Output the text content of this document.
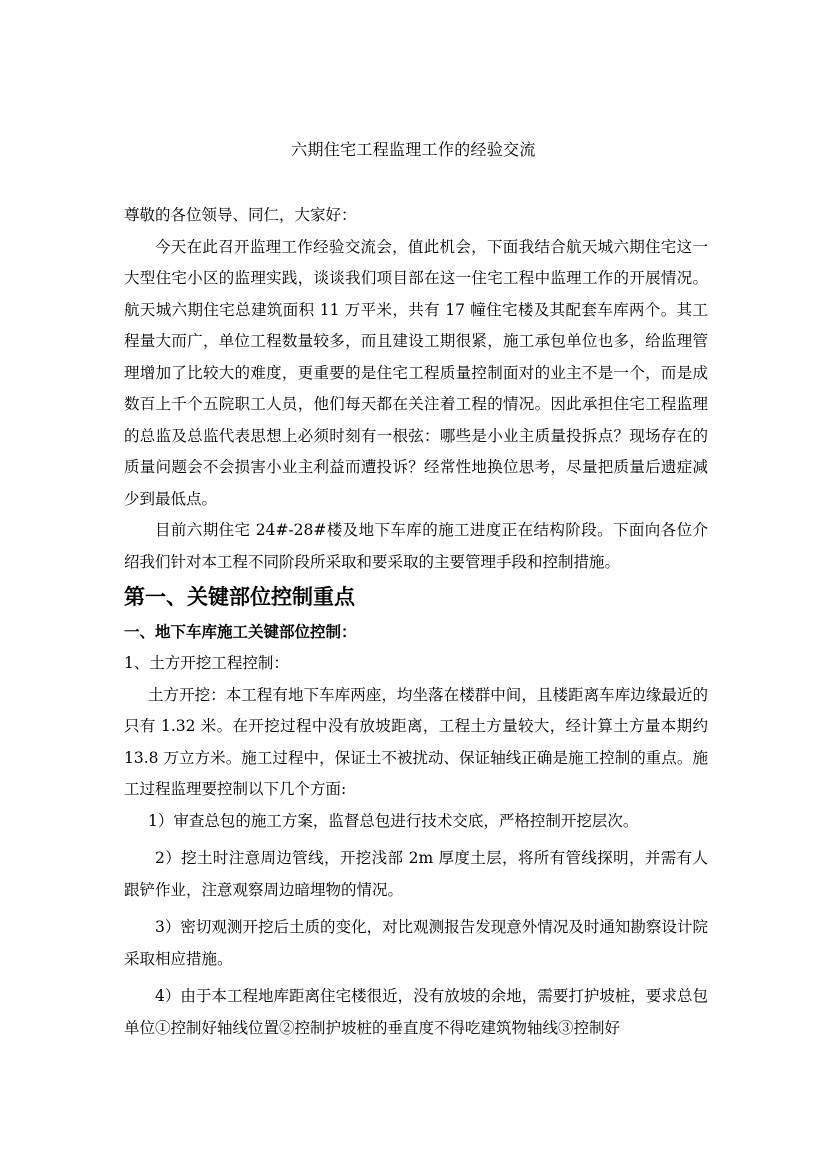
六期住宅工程监理工作的经验交流

尊敬的各位领导、同仁，大家好：

今天在此召开监理工作经验交流会，值此机会，下面我结合航天城六期住宅这一大型住宅小区的监理实践，谈谈我们项目部在这一住宅工程中监理工作的开展情况。航天城六期住宅总建筑面积 11 万平米，共有 17 幢住宅楼及其配套车库两个。其工程量大而广，单位工程数量较多，而且建设工期很紧，施工承包单位也多，给监理管理增加了比较大的难度，更重要的是住宅工程质量控制面对的业主不是一个，而是成数百上千个五院职工人员，他们每天都在关注着工程的情况。因此承担住宅工程监理的总监及总监代表思想上必须时刻有一根弦：哪些是小业主质量投拆点？现场存在的质量问题会不会损害小业主利益而遭投诉？经常性地换位思考，尽量把质量后遗症减少到最低点。

目前六期住宅 24#-28#楼及地下车库的施工进度正在结构阶段。下面向各位介绍我们针对本工程不同阶段所采取和要采取的主要管理手段和控制措施。

第一、关键部位控制重点

一、地下车库施工关键部位控制：

1、土方开挖工程控制：

土方开挖：本工程有地下车库两座，均坐落在楼群中间，且楼距离车库边缘最近的只有 1.32 米。在开挖过程中没有放坡距离，工程土方量较大，经计算土方量本期约 13.8 万立方米。施工过程中，保证土不被扰动、保证轴线正确是施工控制的重点。施工过程监理要控制以下几个方面:

1）审查总包的施工方案，监督总包进行技术交底，严格控制开挖层次。

2）挖土时注意周边管线，开挖浅部 2m 厚度土层，将所有管线探明，并需有人跟铲作业，注意观察周边暗埋物的情况。

3）密切观测开挖后土质的变化，对比观测报告发现意外情况及时通知勘察设计院采取相应措施。

4）由于本工程地库距离住宅楼很近，没有放坡的余地，需要打护坡桩，要求总包单位①控制好轴线位置②控制护坡桩的垂直度不得吃建筑物轴线③控制好
